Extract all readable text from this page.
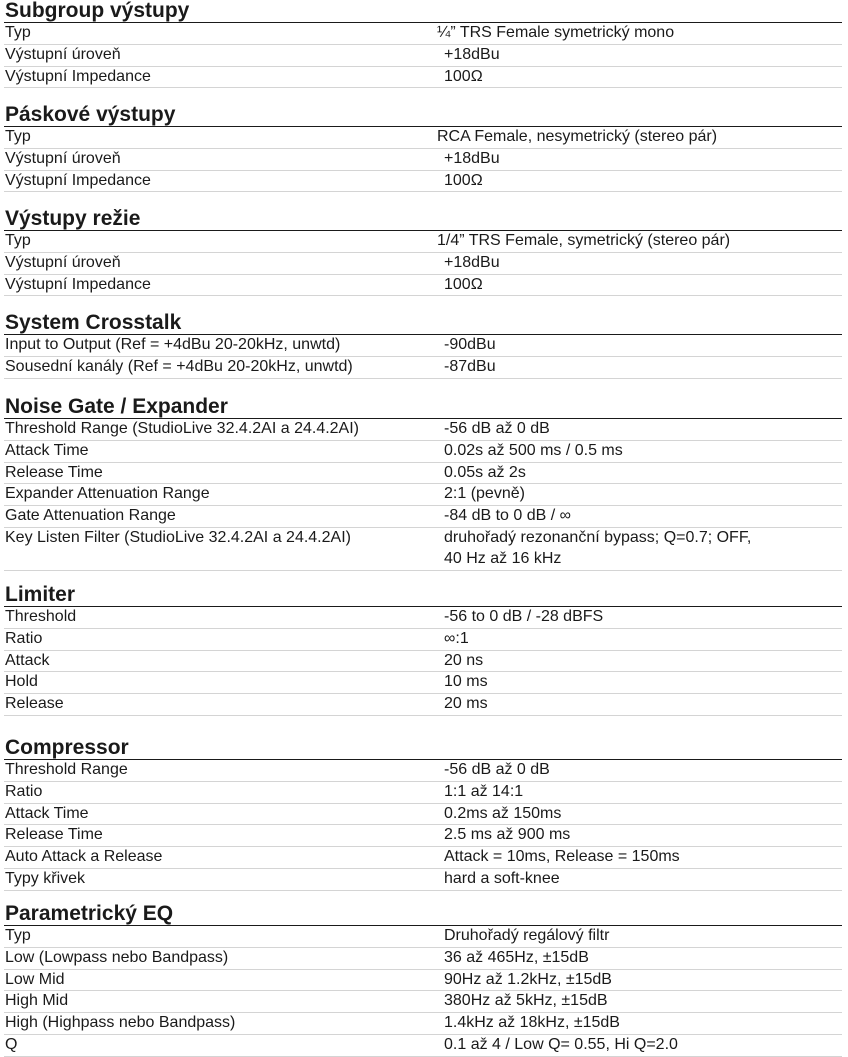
Subgroup výstupy
Typ	¼” TRS Female symetrický mono
Výstupní úroveň	+18dBu
Výstupní Impedance	100Ω
Páskové výstupy
Typ	RCA Female, nesymetrický (stereo pár)
Výstupní úroveň	+18dBu
Výstupní Impedance	100Ω
Výstupy režie
Typ	1/4” TRS Female, symetrický (stereo pár)
Výstupní úroveň	+18dBu
Výstupní Impedance	100Ω
System Crosstalk
Input to Output (Ref = +4dBu 20-20kHz, unwtd)	-90dBu
Sousední kanály (Ref = +4dBu 20-20kHz, unwtd)	-87dBu
Noise Gate / Expander
Threshold Range (StudioLive 32.4.2AI a 24.4.2AI)	-56 dB až 0 dB
Attack Time	0.02s až 500 ms / 0.5 ms
Release Time	0.05s až 2s
Expander Attenuation Range	2:1 (pevně)
Gate Attenuation Range	-84 dB to 0 dB / ∞
Key Listen Filter (StudioLive 32.4.2AI a 24.4.2AI)	druhořadý rezonanční bypass; Q=0.7; OFF,
40 Hz až 16 kHz
Limiter
Threshold	-56 to 0 dB / -28 dBFS
Ratio	∞:1
Attack	20 ns
Hold	10 ms
Release	20 ms
Compressor
Threshold Range	-56 dB až 0 dB
Ratio	1:1 až 14:1
Attack Time	0.2ms až 150ms
Release Time	2.5 ms až 900 ms
Auto Attack a Release	Attack = 10ms, Release = 150ms
Typy křivek	hard a soft-knee
Parametrický EQ
Typ	Druhořadý regálový filtr
Low (Lowpass nebo Bandpass)	36 až 465Hz, ±15dB
Low Mid	90Hz až 1.2kHz, ±15dB
High Mid	380Hz až 5kHz, ±15dB
High (Highpass nebo Bandpass)	1.4kHz až 18kHz, ±15dB
Q	0.1 až 4 / Low Q= 0.55, Hi Q=2.0
